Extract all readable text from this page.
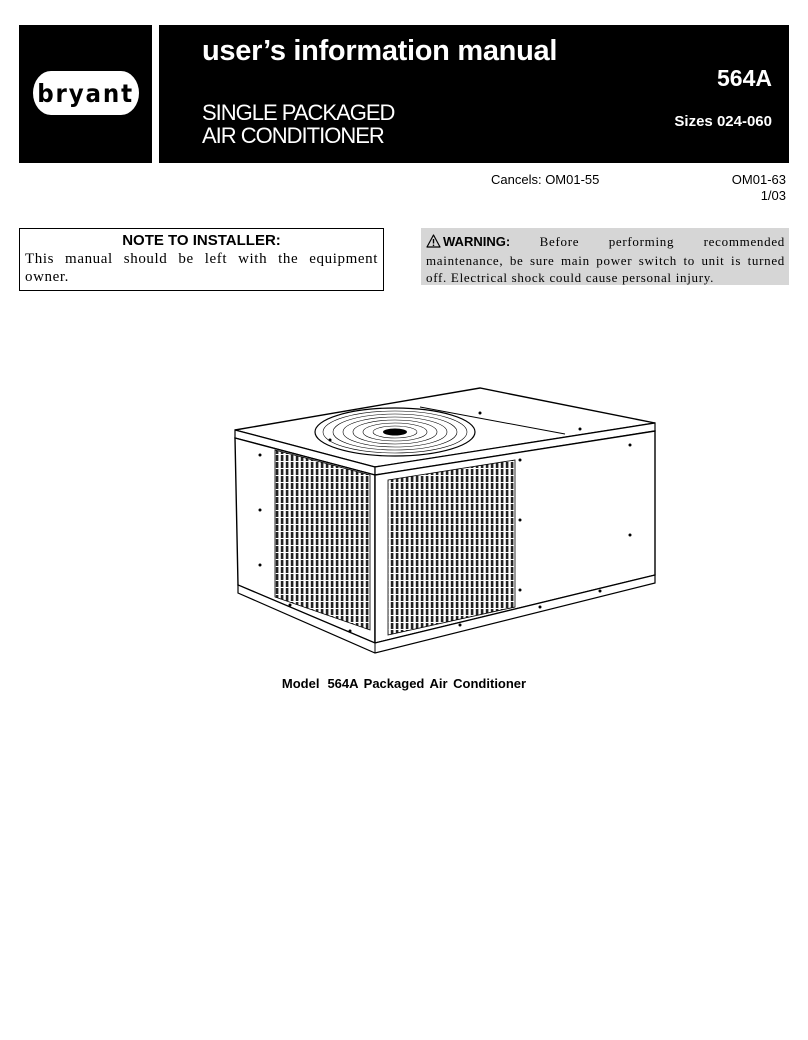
bryant
user’s information manual
564A
SINGLE PACKAGED
AIR CONDITIONER
Sizes 024-060
Cancels: OM01-55	OM01-63
1/03
NOTE TO INSTALLER:
This manual should be left with the equipment owner.
WARNING: Before performing recommended maintenance, be sure main power switch to unit is turned off. Electrical shock could cause personal injury.
Model 564A Packaged Air Conditioner
